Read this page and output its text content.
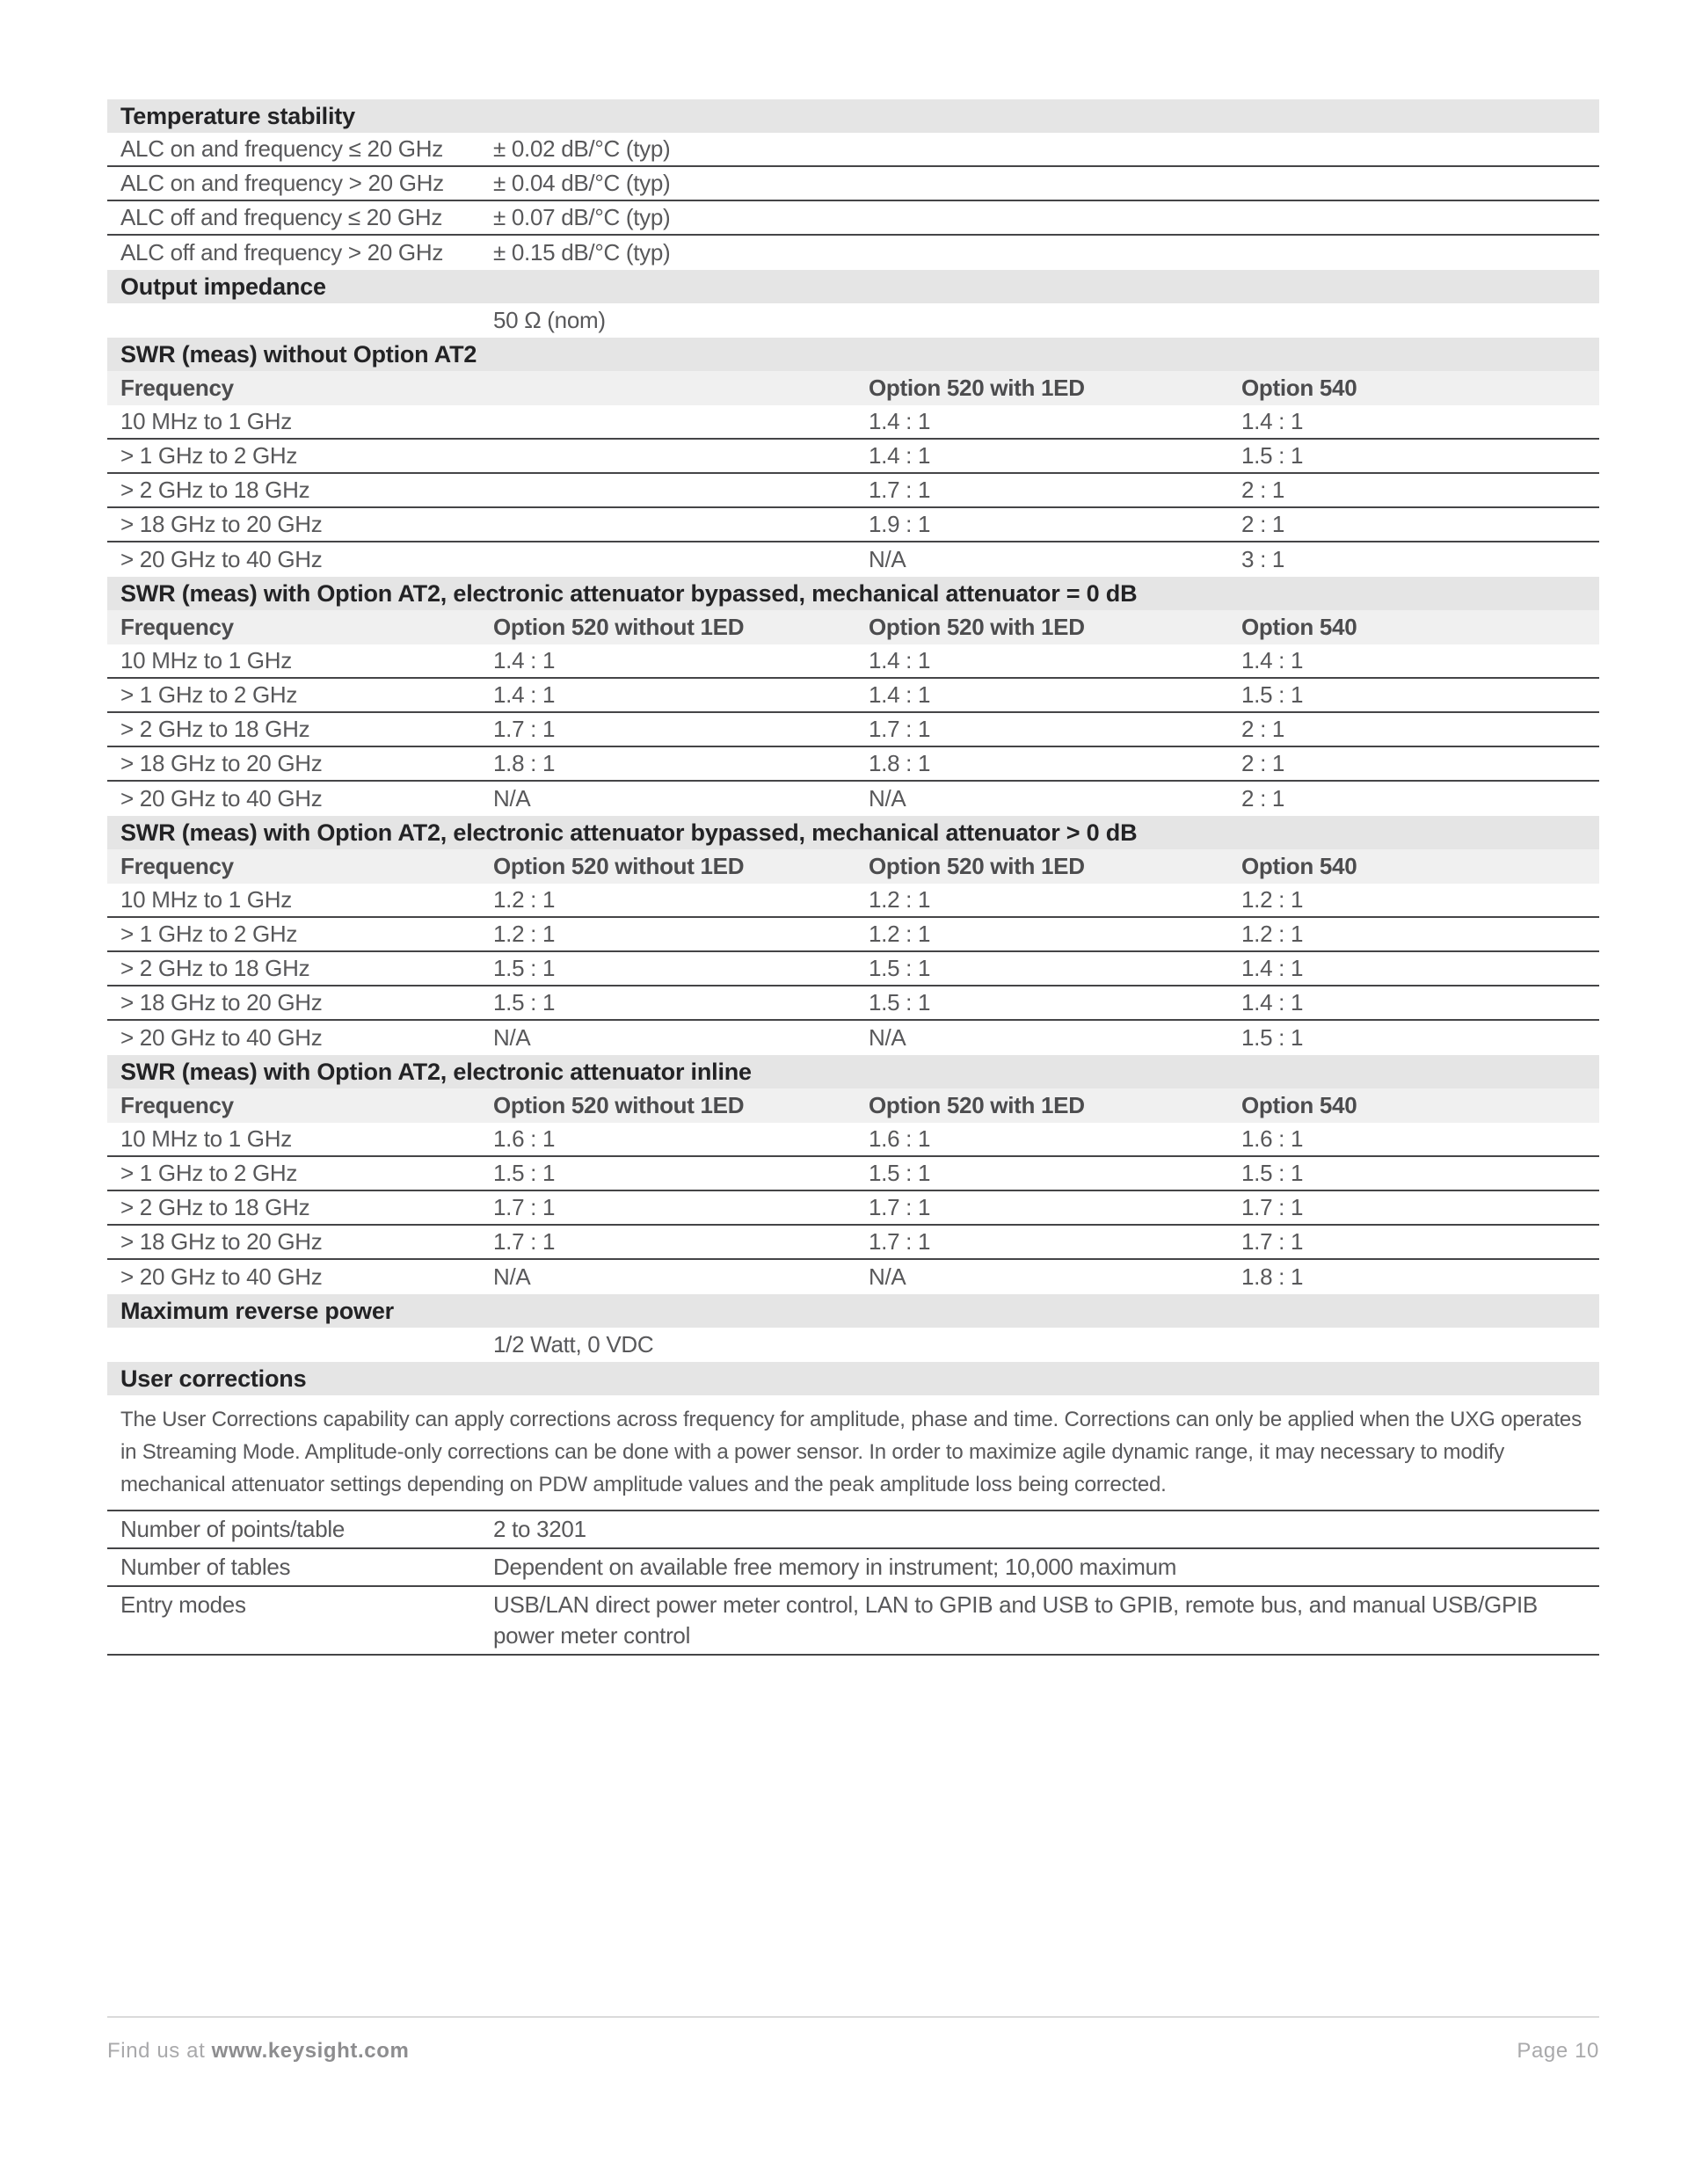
Temperature stability
ALC on and frequency ≤ 20 GHz	± 0.02 dB/°C (typ)
ALC on and frequency > 20 GHz	± 0.04 dB/°C (typ)
ALC off and frequency ≤ 20 GHz	± 0.07 dB/°C (typ)
ALC off and frequency > 20 GHz	± 0.15 dB/°C (typ)
Output impedance
50 Ω (nom)
SWR (meas) without Option AT2
Frequency	Option 520 with 1ED	Option 540
10 MHz to 1 GHz	1.4 : 1	1.4 : 1
> 1 GHz to 2 GHz	1.4 : 1	1.5 : 1
> 2 GHz to 18 GHz	1.7 : 1	2 : 1
> 18 GHz to 20 GHz	1.9 : 1	2 : 1
> 20 GHz to 40 GHz	N/A	3 : 1
SWR (meas) with Option AT2, electronic attenuator bypassed, mechanical attenuator = 0 dB
Frequency	Option 520 without 1ED	Option 520 with 1ED	Option 540
10 MHz to 1 GHz	1.4 : 1	1.4 : 1	1.4 : 1
> 1 GHz to 2 GHz	1.4 : 1	1.4 : 1	1.5 : 1
> 2 GHz to 18 GHz	1.7 : 1	1.7 : 1	2 : 1
> 18 GHz to 20 GHz	1.8 : 1	1.8 : 1	2 : 1
> 20 GHz to 40 GHz	N/A	N/A	2 : 1
SWR (meas) with Option AT2, electronic attenuator bypassed, mechanical attenuator > 0 dB
Frequency	Option 520 without 1ED	Option 520 with 1ED	Option 540
10 MHz to 1 GHz	1.2 : 1	1.2 : 1	1.2 : 1
> 1 GHz to 2 GHz	1.2 : 1	1.2 : 1	1.2 : 1
> 2 GHz to 18 GHz	1.5 : 1	1.5 : 1	1.4 : 1
> 18 GHz to 20 GHz	1.5 : 1	1.5 : 1	1.4 : 1
> 20 GHz to 40 GHz	N/A	N/A	1.5 : 1
SWR (meas) with Option AT2, electronic attenuator inline
Frequency	Option 520 without 1ED	Option 520 with 1ED	Option 540
10 MHz to 1 GHz	1.6 : 1	1.6 : 1	1.6 : 1
> 1 GHz to 2 GHz	1.5 : 1	1.5 : 1	1.5 : 1
> 2 GHz to 18 GHz	1.7 : 1	1.7 : 1	1.7 : 1
> 18 GHz to 20 GHz	1.7 : 1	1.7 : 1	1.7 : 1
> 20 GHz to 40 GHz	N/A	N/A	1.8 : 1
Maximum reverse power
1/2 Watt, 0 VDC
User corrections
The User Corrections capability can apply corrections across frequency for amplitude, phase and time. Corrections can only be applied when the UXG operates in Streaming Mode. Amplitude-only corrections can be done with a power sensor. In order to maximize agile dynamic range, it may necessary to modify mechanical attenuator settings depending on PDW amplitude values and the peak amplitude loss being corrected.
Number of points/table	2 to 3201
Number of tables	Dependent on available free memory in instrument; 10,000 maximum
Entry modes	USB/LAN direct power meter control, LAN to GPIB and USB to GPIB, remote bus, and manual USB/GPIB power meter control
Find us at www.keysight.com	Page 10
